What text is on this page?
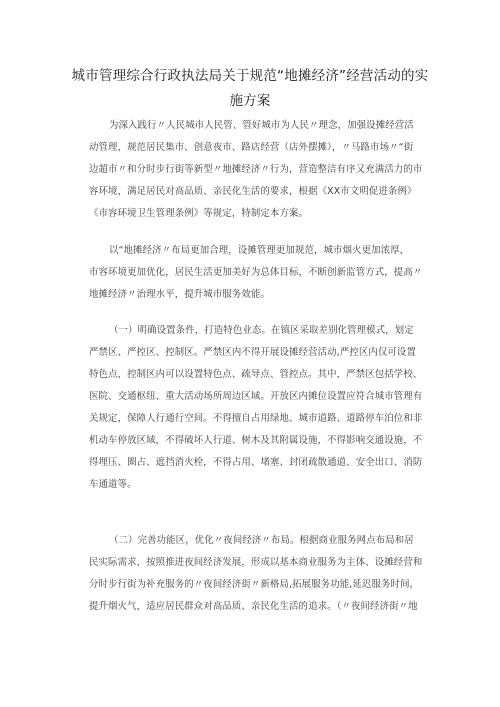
城市管理综合行政执法局关于规范“地摊经济”经营活动的实
施方案
为深入践行〃人民城市人民管、管好城市为人民〃理念，加强设摊经营活
动管理，规范居民集市、创意夜市、路店经营（店外摆摊），〃马路市场〃“街
边超市〃和分时步行街等新型〃地摊经济〃行为，营造整洁有序又充满活力的市
容环境，满足居民对高品质、亲民化生活的要求，根据《XX市文明促进条例》
《市容环境卫生管理条例》等规定，特制定本方案。
以“地摊经济〃布局更加合理，设摊管理更加规范，城市烟火更加浓厚，
市容环境更加优化，居民生活更加美好为总体目标，不断创新监管方式，提高〃
地摊经济〃治理水平，提升城市服务效能。
（一）明确设置条件，打造特色业态。在镇区采取差别化管理模式，划定
严禁区、严控区、控制区。严禁区内不得开展设摊经营活动,严控区内仅可设置
特色点，控制区内可以设置特色点、疏导点、管控点。其中，严禁区包括学校、
医院、交通枢纽、重大活动场所周边区域。开放区内摊位设置应符合城市管理有
关规定，保障人行通行空间。不得擅自占用绿地、城市道路、道路停车泊位和非
机动车停放区域，不得破坏人行道、树木及其附属设施，不得影响交通设施，不
得埋压、圈占、遮挡消火栓，不得占用、堵塞、封闭疏散通道、安全出口、消防
车通道等。
（二）完善功能区，优化〃夜间经济〃布局。根据商业服务网点布局和居
民实际需求，按照推进夜间经济发展，形成以基本商业服务为主体、设摊经营和
分时步行街为补充服务的〃夜间经济街〃新格局,拓展服务功能,延迟服务时间，
提升烟火气，适应居民群众对高品质、亲民化生活的追求。（〃夜间经济街〃地
